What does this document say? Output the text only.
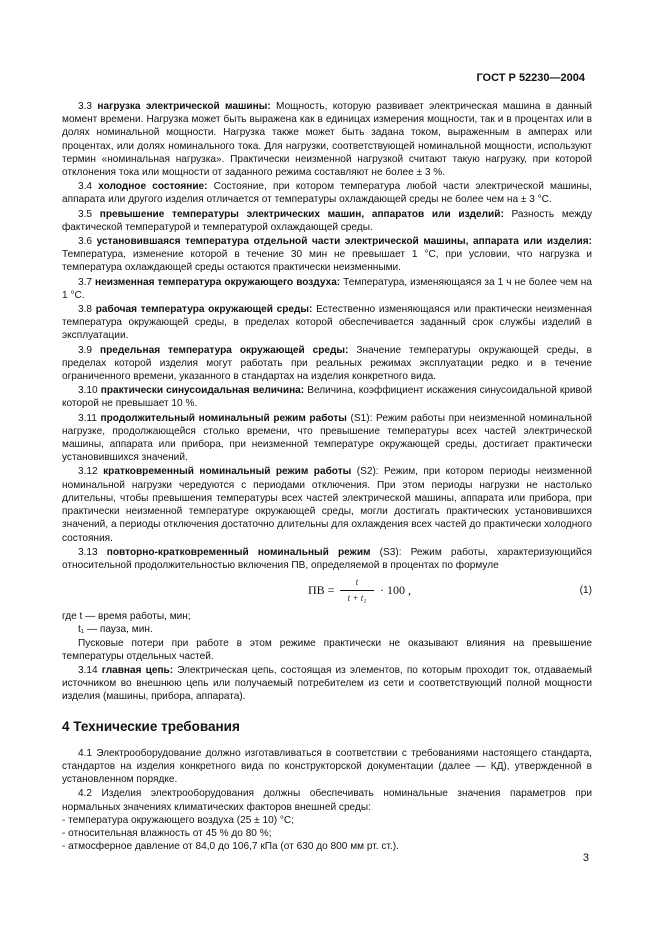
ГОСТ Р 52230—2004

3.3 нагрузка электрической машины: Мощность, которую развивает электрическая машина в данный момент времени. Нагрузка может быть выражена как в единицах измерения мощности, так и в процентах или в долях номинальной мощности. Нагрузка также может быть задана током, выраженным в амперах или процентах, или долях номинального тока. Для нагрузки, соответствующей номинальной мощности, используют термин «номинальная нагрузка». Практически неизменной нагрузкой считают такую нагрузку, при которой отклонения тока или мощности от заданного режима составляют не более ± 3 %.

3.4 холодное состояние: Состояние, при котором температура любой части электрической машины, аппарата или другого изделия отличается от температуры охлаждающей среды не более чем на ± 3 °С.

3.5 превышение температуры электрических машин, аппаратов или изделий: Разность между фактической температурой и температурой охлаждающей среды.

3.6 установившаяся температура отдельной части электрической машины, аппарата или изделия: Температура, изменение которой в течение 30 мин не превышает 1 °С, при условии, что нагрузка и температура охлаждающей среды остаются практически неизменными.

3.7 неизменная температура окружающего воздуха: Температура, изменяющаяся за 1 ч не более чем на 1 °С.

3.8 рабочая температура окружающей среды: Естественно изменяющаяся или практически неизменная температура окружающей среды, в пределах которой обеспечивается заданный срок службы изделий в эксплуатации.

3.9 предельная температура окружающей среды: Значение температуры окружающей среды, в пределах которой изделия могут работать при реальных режимах эксплуатации редко и в течение ограниченного времени, указанного в стандартах на изделия конкретного вида.

3.10 практически синусоидальная величина: Величина, коэффициент искажения синусоидальной кривой которой не превышает 10 %.

3.11 продолжительный номинальный режим работы (S1): Режим работы при неизменной номинальной нагрузке, продолжающейся столько времени, что превышение температуры всех частей электрической машины, аппарата или прибора, при неизменной температуре окружающей среды, достигает практически установившихся значений.

3.12 кратковременный номинальный режим работы (S2): Режим, при котором периоды неизменной номинальной нагрузки чередуются с периодами отключения. При этом периоды нагрузки не настолько длительны, чтобы превышения температуры всех частей электрической машины, аппарата или прибора, при практически неизменной температуре окружающей среды, могли достигать практических установившихся значений, а периоды отключения достаточно длительны для охлаждения всех частей до практически холодного состояния.

3.13 повторно-кратковременный номинальный режим (S3): Режим работы, характеризующийся относительной продолжительностью включения ПВ, определяемой в процентах по формуле

ПВ = $\frac{t}{\text{t + t₁}} \cdot 100$ ,	(1)

где t — время работы, мин;

t₁ — пауза, мин.

Пусковые потери при работе в этом режиме практически не оказывают влияния на превышение температуры отдельных частей.

3.14 главная цепь: Электрическая цепь, состоящая из элементов, по которым проходит ток, отдаваемый источником во внешнюю цепь или получаемый потребителем из сети и соответствующий полной мощности изделия (машины, прибора, аппарата).

4 Технические требования

4.1 Электрооборудование должно изготавливаться в соответствии с требованиями настоящего стандарта, стандартов на изделия конкретного вида по конструкторской документации (далее — КД), утвержденной в установленном порядке.

4.2 Изделия электрооборудования должны обеспечивать номинальные значения параметров при нормальных значениях климатических факторов внешней среды:

- температура окружающего воздуха (25 ± 10) °С;
- относительная влажность от 45 % до 80 %;
- атмосферное давление от 84,0 до 106,7 кПа (от 630 до 800 мм рт. ст.).
3
